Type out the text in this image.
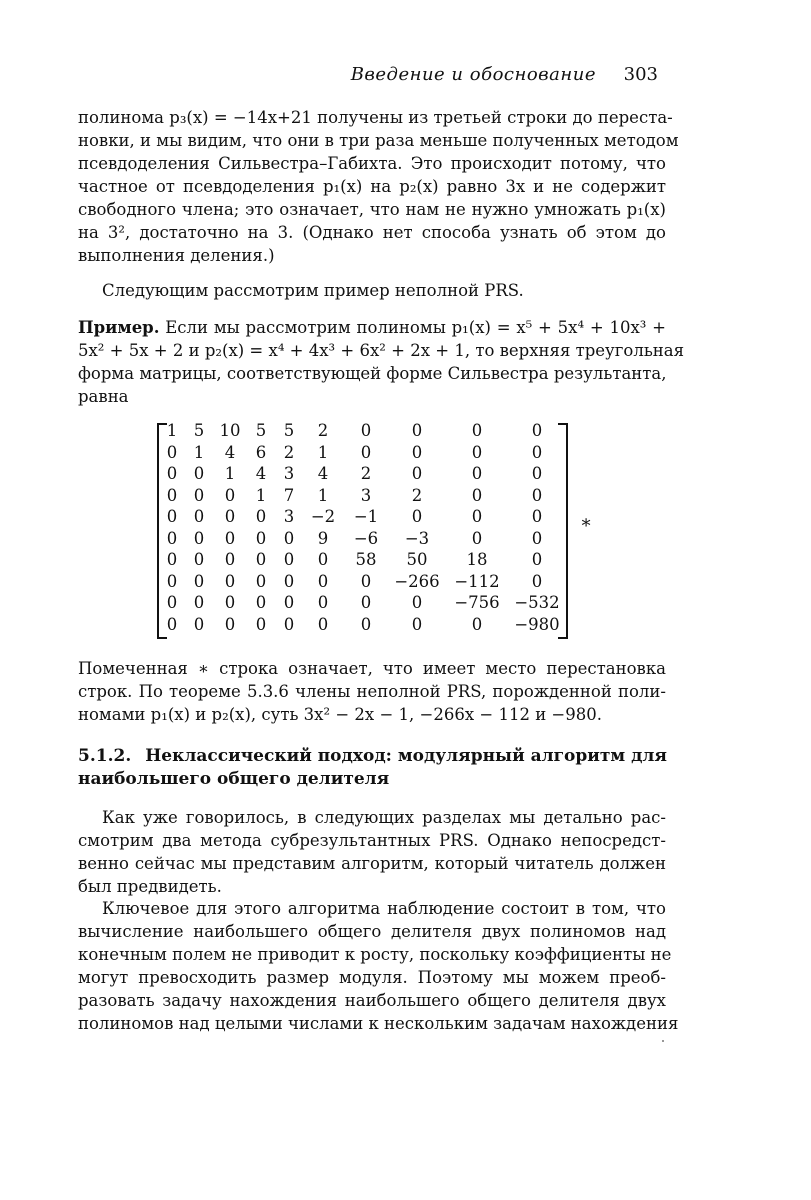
Введение и обоснование 303
полинома p₃(x) = −14x+21 получены из третьей строки до переста-
новки, и мы видим, что они в три раза меньше полученных методом
псевдоделения Сильвестра–Габихта. Это происходит потому, что
частное от псевдоделения p₁(x) на p₂(x) равно 3x и не содержит
свободного члена; это означает, что нам не нужно умножать p₁(x)
на 3², достаточно на 3. (Однако нет способа узнать об этом до
выполнения деления.)
Следующим рассмотрим пример неполной PRS.
Пример. Если мы рассмотрим полиномы p₁(x) = x⁵ + 5x⁴ + 10x³ +
5x² + 5x + 2 и p₂(x) = x⁴ + 4x³ + 6x² + 2x + 1, то верхняя треугольная
форма матрицы, соответствующей форме Сильвестра результанта,
равна
∗
1 5 10 5 5 2 0 0	0	0
0 1 4 6 2 1 0 0	0	0
0 0 1 4 3 4 2 0	0	0
0 0 0 1 7 1 3 2	0	0
0 0 0 0 3 −2 −1 0	0	0
0 0 0 0 0 9 −6 −3	0	0
0 0 0 0 0 0 58 50 18	0
0 0 0 0 0 0 0 −266 −112 0
0 0 0 0 0 0 0 0 −756 −532
0 0 0 0 0 0 0 0	0 −980
Помеченная ∗ строка означает, что имеет место перестановка
строк. По теореме 5.3.6 члены неполной PRS, порожденной поли-
номами p₁(x) и p₂(x), суть 3x² − 2x − 1, −266x − 112 и −980.
5.1.2. Неклассический подход: модулярный алгоритм для
наибольшего общего делителя
Как уже говорилось, в следующих разделах мы детально рас-
смотрим два метода субрезультантных PRS. Однако непосредст-
венно сейчас мы представим алгоритм, который читатель должен
был предвидеть.
Ключевое для этого алгоритма наблюдение состоит в том, что
вычисление наибольшего общего делителя двух полиномов над
конечным полем не приводит к росту, поскольку коэффициенты не
могут превосходить размер модуля. Поэтому мы можем преоб-
разовать задачу нахождения наибольшего общего делителя двух
полиномов над целыми числами к нескольким задачам нахождения
